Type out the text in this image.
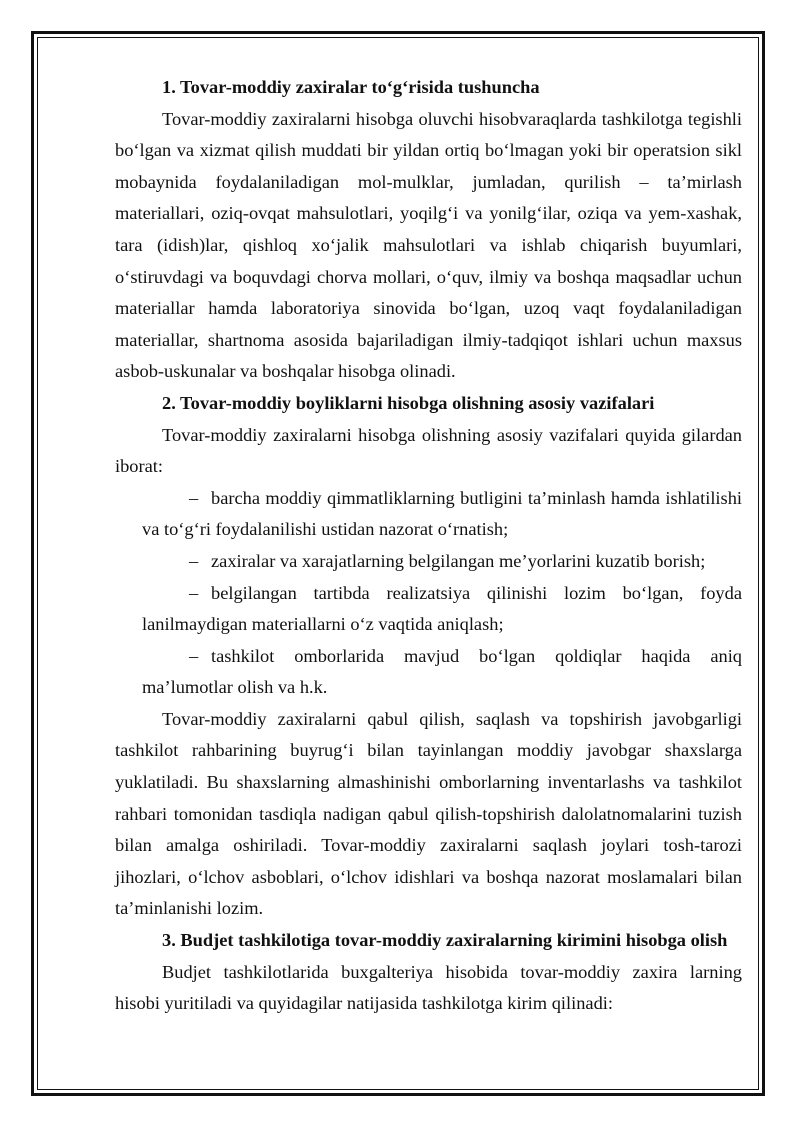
1. Tovar-moddiy zaxiralar to‘g‘risida tushuncha

Tovar-moddiy zaxiralarni hisobga oluvchi hisobvaraqlarda tashkilotga tegishli bo‘lgan va xizmat qilish muddati bir yildan ortiq bo‘lmagan yoki bir operatsion sikl mobaynida foydalaniladigan mol-mulklar, jumladan, qurilish – ta’mirlash materiallari, oziq-ovqat mahsulotlari, yoqilg‘i va yonilg‘ilar, oziqa va yem-xashak, tara (idish)lar, qishloq xo‘jalik mahsulotlari va ishlab chiqarish buyumlari, o‘stiruvdagi va boquvdagi chorva mollari, o‘quv, ilmiy va boshqa maqsadlar uchun materiallar hamda laboratoriya sinovida bo‘lgan, uzoq vaqt foydalaniladigan materiallar, shartnoma asosida bajariladigan ilmiy-tadqiqot ishlari uchun maxsus asbob-uskunalar va boshqalar hisobga olinadi.

2. Tovar-moddiy boyliklarni hisobga olishning asosiy vazifalari

Tovar-moddiy zaxiralarni hisobga olishning asosiy vazifalari quyida gilardan iborat:

– barcha moddiy qimmatliklarning butligini ta’minlash hamda ishlatilishi va to‘g‘ri foydalanilishi ustidan nazorat o‘rnatish;

– zaxiralar va xarajatlarning belgilangan me’yorlarini kuzatib borish;

– belgilangan tartibda realizatsiya qilinishi lozim bo‘lgan, foyda lanilmaydigan materiallarni o‘z vaqtida aniqlash;

– tashkilot omborlarida mavjud bo‘lgan qoldiqlar haqida aniq ma’lumotlar olish va h.k.

Tovar-moddiy zaxiralarni qabul qilish, saqlash va topshirish javobgarligi tashkilot rahbarining buyrug‘i bilan tayinlangan moddiy javobgar shaxslarga yuklatiladi. Bu shaxslarning almashinishi omborlarning inventarlashs va tashkilot rahbari tomonidan tasdiqla nadigan qabul qilish-topshirish dalolatnomalarini tuzish bilan amalga oshiriladi. Tovar-moddiy zaxiralarni saqlash joylari tosh-tarozi jihozlari, o‘lchov asboblari, o‘lchov idishlari va boshqa nazorat moslamalari bilan ta’minlanishi lozim.

3. Budjet tashkilotiga tovar-moddiy zaxiralarning kirimini hisobga olish

Budjet tashkilotlarida buxgalteriya hisobida tovar-moddiy zaxira larning hisobi yuritiladi va quyidagilar natijasida tashkilotga kirim qilinadi:
